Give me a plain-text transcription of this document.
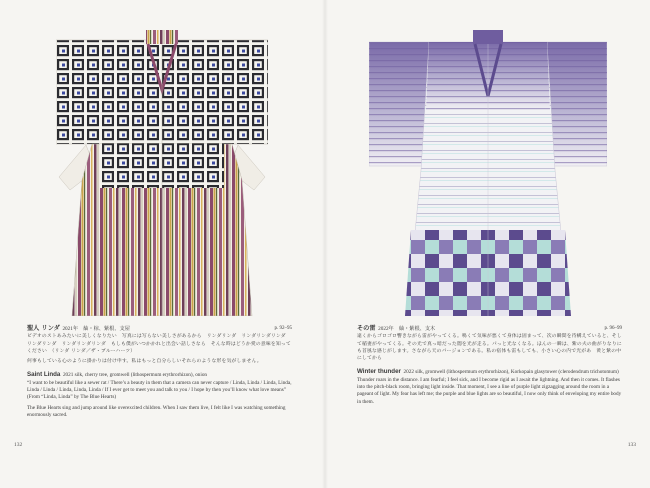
聖人 リンダ 2021年　紬・椋、紫根、支屋	p. 92–95

ビデオのストあみたいに美しくなりたい　写真には写らない美しさがあるから　リンダリンダ　リンダリンダリンダ　リンダリンダ　リンダリンダリンダ　もしも僕がいつかかれと出会い話しさなら　そんな時はどうか愛の意味を知ってください　（リンダ リンダ／ザ・ブルーハーツ）

何事もしている心のように掛かりは付け申す。私はもっと自分らしいそれらのような形を気がしません。

Saint Linda 2021 silk, cherry tree, gromwell (lithospermum erythrorhizon), onion

“I want to be beautiful like a sewer rat / There’s a beauty in them that a camera can never capture / Linda, Linda / Linda, Linda, Linda / Linda / Linda, Linda, Linda / If I ever get to meet you and talk to you / I hope by then you’ll know what love means” (From “Linda, Linda” by The Blue Hearts)

The Blue Hearts sing and jump around like overexcited children. When I saw them live, I felt like I was watching something enormously sacred.

132
その雷 2022年　紬・紫根、支木	p. 96–99

遠くからゴロゴロ響きながら雷がやってくる。鳴くて気味が悪くて身体は固まって、次の瞬間を待構えていると、そして稲妻がやってくる。その光で真っ暗だった闇を光が走る。パっと光なくなる。ほんの一瞬は、紫の夫の曲がりなりにも首風な感じがします。さながら天のバージョンである。私の宿体も雷もしても、小さい心の内で光があ　黄と紫の中にしてから

Winter thunder 2022 silk, gromwell (lithospermum erythrorhizon), Korkopain glasytower (clerodendrum trichotomum)

Thunder roars in the distance. I am fearful; I feel sick, and I become rigid as I await the lightning. And then it comes. It flashes into the pitch-black room, bringing light inside. That moment, I see a line of purple light zigzagging around the room in a pageant of light. My fear has left me; the purple and blue lights are so beautiful, I now only think of enveloping my entire body in them.

133
